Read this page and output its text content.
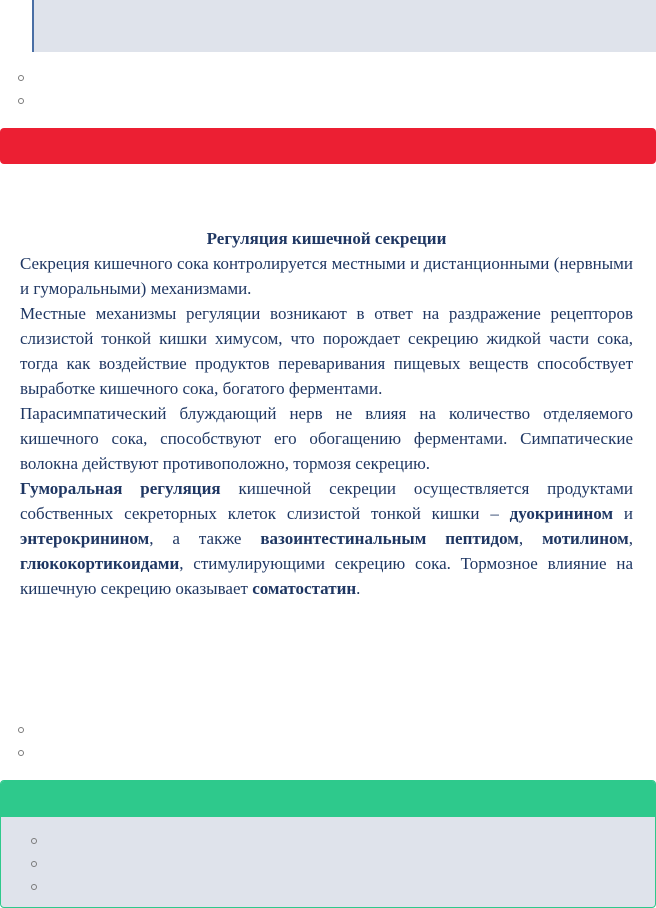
Регуляция кишечной секреции

Секреция кишечного сока контролируется местными и дистанционными (нервными и гуморальными) механизмами.

Местные механизмы регуляции возникают в ответ на раздражение рецепторов слизистой тонкой кишки химусом, что порождает секрецию жидкой части сока, тогда как воздействие продуктов переваривания пищевых веществ способствует выработке кишечного сока, богатого ферментами.

Парасимпатический блуждающий нерв не влияя на количество отделяемого кишечного сока, способствуют его обогащению ферментами. Симпатические волокна действуют противоположно, тормозя секрецию.

Гуморальная регуляция кишечной секреции осуществляется продуктами собственных секреторных клеток слизистой тонкой кишки – дуокринином и энтерокринином, а также вазоинтестинальным пептидом, мотилином, глюкокортикоидами, стимулирующими секрецию сока. Тормозное влияние на кишечную секрецию оказывает соматостатин.
